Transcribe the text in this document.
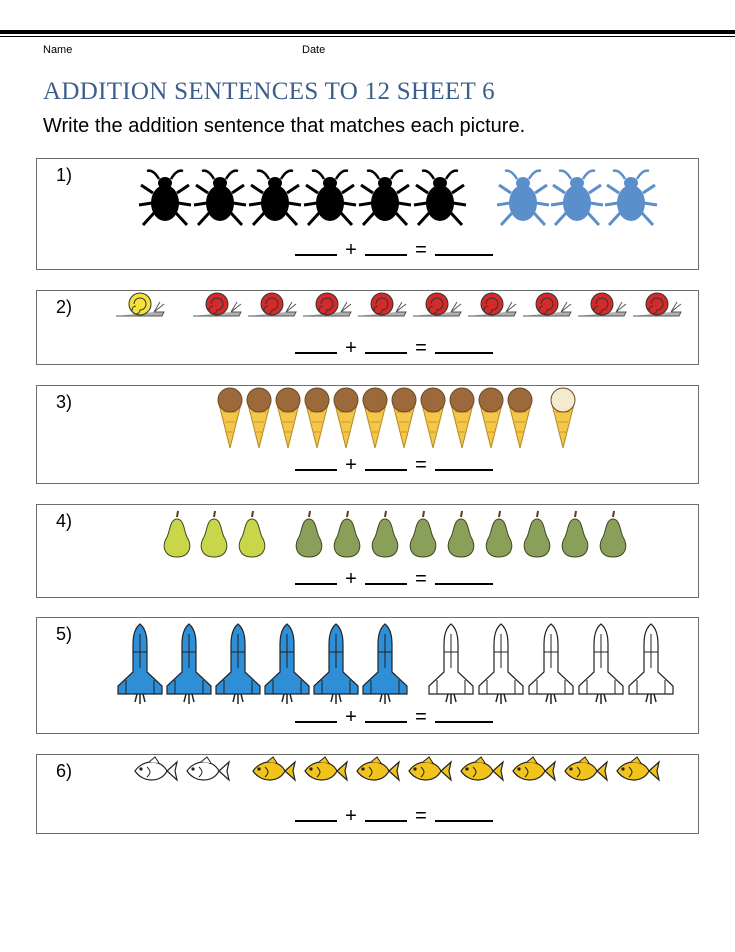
Name	Date
ADDITION SENTENCES TO 12 SHEET 6
Write the addition sentence that matches each picture.
1)
+	=
2)
+	=
3)
+	=
4)
+	=
5)
+	=
6)
+	=
